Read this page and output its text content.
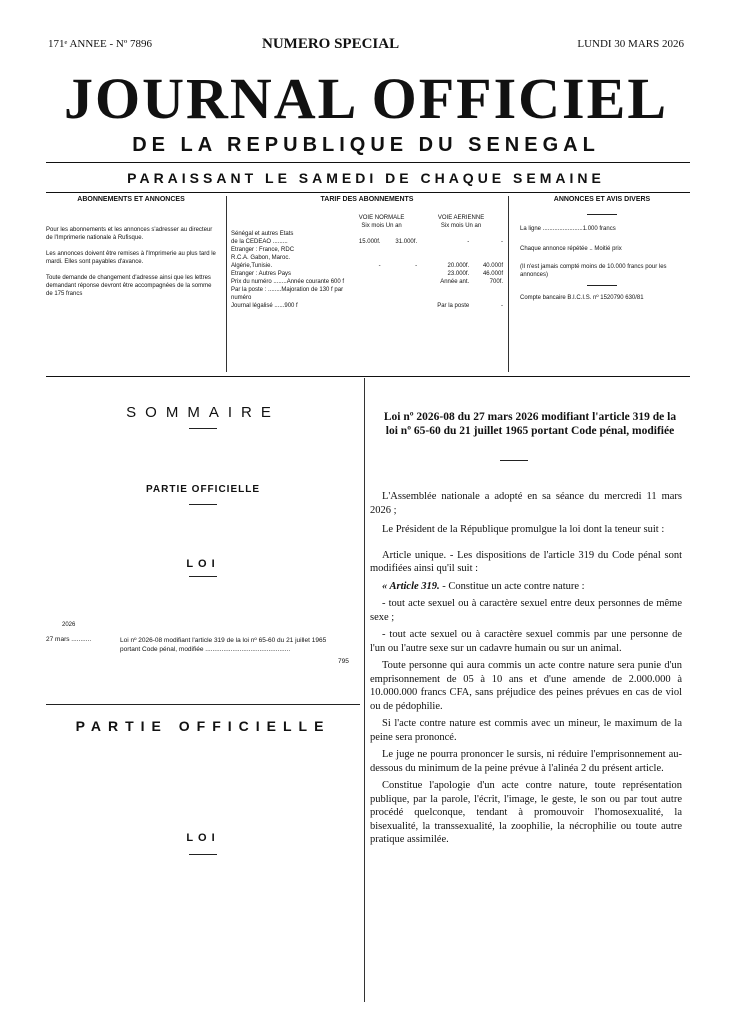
171ᵉ ANNEE - Nº 7896	NUMERO SPECIAL	LUNDI 30 MARS 2026
JOURNAL OFFICIEL
DE LA REPUBLIQUE DU SENEGAL
PARAISSANT LE SAMEDI DE CHAQUE SEMAINE
ABONNEMENTS ET ANNONCES

Pour les abonnements et les annonces s'adresser au directeur de l'Imprimerie nationale à Rufisque.

Les annonces doivent être remises à l'Imprimerie au plus tard le mardi. Elles sont payables d'avance.

Toute demande de changement d'adresse ainsi que les lettres demandant réponse devront être accompagnées de la somme de 175 francs

TARIF DES ABONNEMENTS
	VOIE NORMALE		VOIE AERIENNE	
	Six mois Un an		Six mois Un an	
Sénégal et autres Etats				
de la CEDEAO .........	15.000f.	31.000f.	-	-
Etranger : France, RDC				
R.C.A. Gabon, Maroc.				
Algérie,Tunisie.	-	-	20.000f.	40.000f
Etranger : Autres Pays			23.000f.	46.000f
Prix du numéro ........Année courante 600 f			Année ant.	700f.
Par la poste : ........Majoration de 130 f par numéro				
Journal légalisé ......900 f			Par la poste	-
ANNONCES ET AVIS DIVERS

La ligne ........................1.000 francs

Chaque annonce répétée .. Moitié prix

(Il n'est jamais compté moins de 10.000 francs pour les annonces)

Compte bancaire B.I.C.I.S. nº 1520790 630/81

SOMMAIRE
PARTIE OFFICIELLE
LOI
2026
27 mars ...........	Loi nº 2026-08 modifiant l'article 319 de la loi nº 65-60 du 21 juillet 1965 portant Code pénal, modifiée ...............................................
795
PARTIE OFFICIELLE
LOI
Loi nº 2026-08 du 27 mars 2026 modifiant l'article 319 de la loi nº 65-60 du 21 juillet 1965 portant Code pénal, modifiée

L'Assemblée nationale a adopté en sa séance du mercredi 11 mars 2026 ;

Le Président de la République promulgue la loi dont la teneur suit :

Article unique. - Les dispositions de l'article 319 du Code pénal sont modifiées ainsi qu'il suit :

« Article 319. - Constitue un acte contre nature :

- tout acte sexuel ou à caractère sexuel entre deux personnes de même sexe ;

- tout acte sexuel ou à caractère sexuel commis par une personne de l'un ou l'autre sexe sur un cadavre humain ou sur un animal.

Toute personne qui aura commis un acte contre nature sera punie d'un emprisonnement de 05 à 10 ans et d'une amende de 2.000.000 à 10.000.000 francs CFA, sans préjudice des peines prévues en cas de viol ou de pédophilie.

Si l'acte contre nature est commis avec un mineur, le maximum de la peine sera prononcé.

Le juge ne pourra prononcer le sursis, ni réduire l'emprisonnement au-dessous du minimum de la peine prévue à l'alinéa 2 du présent article.

Constitue l'apologie d'un acte contre nature, toute représentation publique, par la parole, l'écrit, l'image, le geste, le son ou par tout autre procédé quelconque, tendant à promouvoir l'homosexualité, la bisexualité, la transsexualité, la zoophilie, la nécrophilie ou toute autre pratique assimilée.
